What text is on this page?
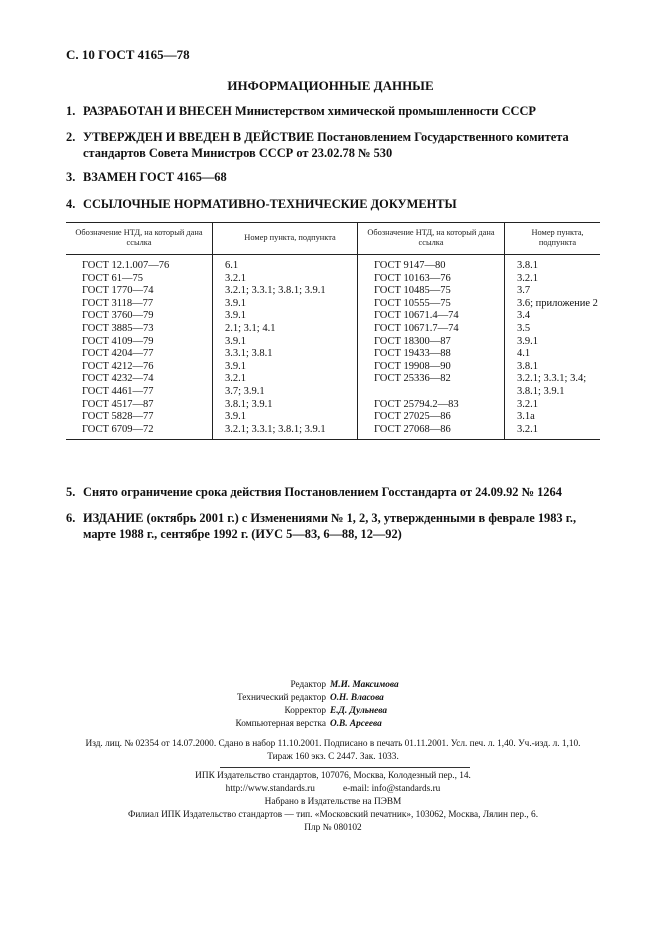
С. 10 ГОСТ 4165—78
ИНФОРМАЦИОННЫЕ ДАННЫЕ
1. РАЗРАБОТАН И ВНЕСЕН Министерством химической промышленности СССР
2. УТВЕРЖДЕН И ВВЕДЕН В ДЕЙСТВИЕ Постановлением Государственного комитета стандартов Совета Министров СССР от 23.02.78 № 530
3. ВЗАМЕН ГОСТ 4165—68
4. ССЫЛОЧНЫЕ НОРМАТИВНО-ТЕХНИЧЕСКИЕ ДОКУМЕНТЫ
Обозначение НТД, на который дана ссылка	Номер пункта, подпункта	Обозначение НТД, на который дана ссылка	Номер пункта, подпункта
ГОСТ 12.1.007—76	6.1	ГОСТ 9147—80	3.8.1
ГОСТ 61—75	3.2.1	ГОСТ 10163—76	3.2.1
ГОСТ 1770—74	3.2.1; 3.3.1; 3.8.1; 3.9.1	ГОСТ 10485—75	3.7
ГОСТ 3118—77	3.9.1	ГОСТ 10555—75	3.6; приложение 2
ГОСТ 3760—79	3.9.1	ГОСТ 10671.4—74	3.4
ГОСТ 3885—73	2.1; 3.1; 4.1	ГОСТ 10671.7—74	3.5
ГОСТ 4109—79	3.9.1	ГОСТ 18300—87	3.9.1
ГОСТ 4204—77	3.3.1; 3.8.1	ГОСТ 19433—88	4.1
ГОСТ 4212—76	3.9.1	ГОСТ 19908—90	3.8.1
ГОСТ 4232—74	3.2.1	ГОСТ 25336—82	3.2.1; 3.3.1; 3.4;
ГОСТ 4461—77	3.7; 3.9.1		3.8.1; 3.9.1
ГОСТ 4517—87	3.8.1; 3.9.1	ГОСТ 25794.2—83	3.2.1
ГОСТ 5828—77	3.9.1	ГОСТ 27025—86	3.1а
ГОСТ 6709—72	3.2.1; 3.3.1; 3.8.1; 3.9.1	ГОСТ 27068—86	3.2.1
5. Снято ограничение срока действия Постановлением Госстандарта от 24.09.92 № 1264
6. ИЗДАНИЕ (октябрь 2001 г.) с Изменениями № 1, 2, 3, утвержденными в феврале 1983 г., марте 1988 г., сентябре 1992 г. (ИУС 5—83, 6—88, 12—92)
Редактор М.И. Максимова
Технический редактор О.Н. Власова
Корректор Е.Д. Дульнева
Компьютерная верстка О.В. Арсеева
Изд. лиц. № 02354 от 14.07.2000. Сдано в набор 11.10.2001. Подписано в печать 01.11.2001. Усл. печ. л. 1,40. Уч.-изд. л. 1,10.
Тираж 160 экз. С 2447. Зак. 1033.
ИПК Издательство стандартов, 107076, Москва, Колодезный пер., 14.
http://www.standards.ru	e-mail: info@standards.ru
Набрано в Издательстве на ПЭВМ
Филиал ИПК Издательство стандартов — тип. «Московский печатник», 103062, Москва, Лялин пер., 6.
Плр № 080102
